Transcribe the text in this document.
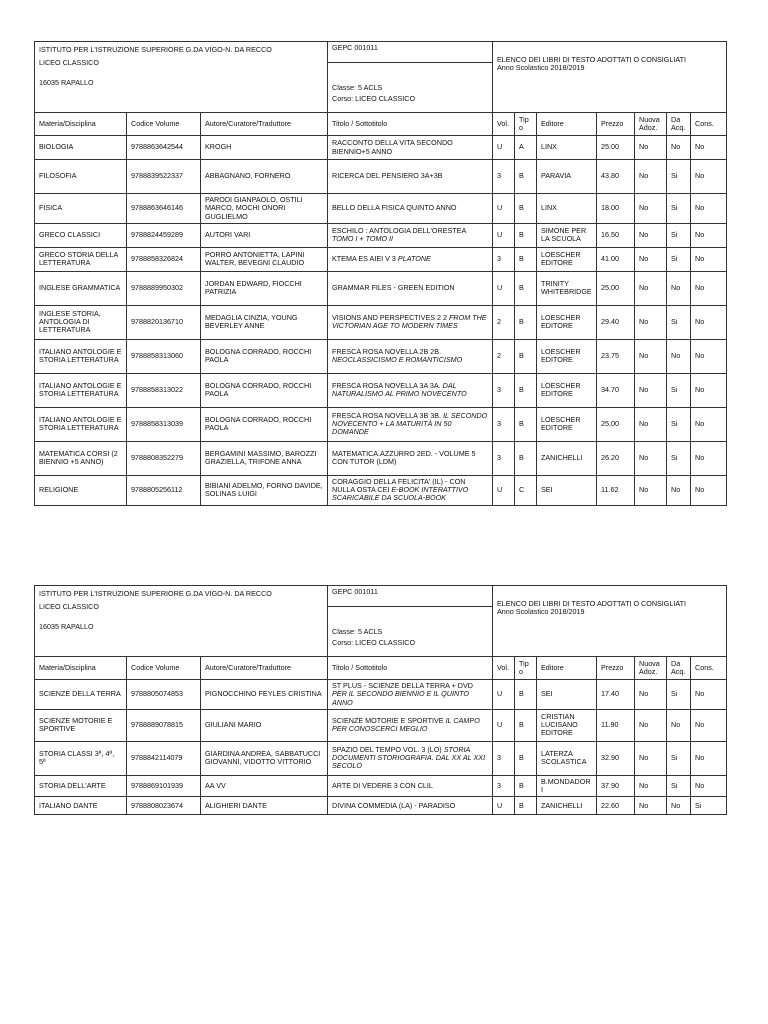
ISTITUTO PER L'ISTRUZIONE SUPERIORE G.DA VIGO-N. DA RECCO
LICEO CLASSICO
16035 RAPALLO			GEPC 001011	ELENCO DEI LIBRI DI TESTO ADOTTATI O CONSIGLIATI
Anno Scolastico 2018/2019						
			Classe: 5 ACLS
Corso: LICEO CLASSICO							
Materia/Disciplina	Codice Volume	Autore/Curatore/Traduttore	Titolo / Sottotitolo	Vol.	Tipo	Editore	Prezzo	Nuova Adoz.	Da Acq.	Cons.
BIOLOGIA	9788863642544	KROGH	RACCONTO DELLA VITA SECONDO BIENNIO+5 ANNO	U	A	LINX	25.00	No	No	No
FILOSOFIA	9788839522337	ABBAGNANO, FORNERO	RICERCA DEL PENSIERO 3A+3B	3	B	PARAVIA	43.80	No	Si	No
FISICA	9788863646146	PARODI GIANPAOLO, OSTILI MARCO, MOCHI ONORI GUGLIELMO	BELLO DELLA FISICA QUINTO ANNO	U	B	LINX	18.00	No	Si	No
GRECO CLASSICI	9788824459289	AUTORI VARI	ESCHILO : ANTOLOGIA DELL'ORESTEA TOMO I + TOMO II	U	B	SIMONE PER LA SCUOLA	16.50	No	Si	No
GRECO STORIA DELLA LETTERATURA	9788858326824	PORRO ANTONIETTA, LAPINI WALTER, BEVEGNI CLAUDIO	KTEMA ES AIEI V 3 PLATONE	3	B	LOESCHER EDITORE	41.00	No	Si	No
INGLESE GRAMMATICA	9788889950302	JORDAN EDWARD, FIOCCHI PATRIZIA	GRAMMAR FILES - GREEN EDITION	U	B	TRINITY WHITEBRIDGE	25.00	No	No	No
INGLESE STORIA, ANTOLOGIA DI LETTERATURA	9788820136710	MEDAGLIA CINZIA, YOUNG BEVERLEY ANNE	VISIONS AND PERSPECTIVES 2 2 FROM THE VICTORIAN AGE TO MODERN TIMES	2	B	LOESCHER EDITORE	29.40	No	Si	No
ITALIANO ANTOLOGIE E STORIA LETTERATURA	9788858313060	BOLOGNA CORRADO, ROCCHI PAOLA	FRESCA ROSA NOVELLA 2B 2B. NEOCLASSICISMO E ROMANTICISMO	2	B	LOESCHER EDITORE	23.75	No	No	No
ITALIANO ANTOLOGIE E STORIA LETTERATURA	9788858313022	BOLOGNA CORRADO, ROCCHI PAOLA	FRESCA ROSA NOVELLA 3A 3A. DAL NATURALISMO AL PRIMO NOVECENTO	3	B	LOESCHER EDITORE	34.70	No	Si	No
ITALIANO ANTOLOGIE E STORIA LETTERATURA	9788858313039	BOLOGNA CORRADO, ROCCHI PAOLA	FRESCA ROSA NOVELLA 3B 3B. IL SECONDO NOVECENTO + LA MATURITÀ IN 50 DOMANDE	3	B	LOESCHER EDITORE	25.00	No	Si	No
MATEMATICA CORSI (2 BIENNIO +5 ANNO)	9788808352279	BERGAMINI MASSIMO, BAROZZI GRAZIELLA, TRIFONE ANNA	MATEMATICA.AZZURRO 2ED. - VOLUME 5 CON TUTOR (LDM)	3	B	ZANICHELLI	26.20	No	Si	No
RELIGIONE	9788805256112	BIBIANI ADELMO, FORNO DAVIDE, SOLINAS LUIGI	CORAGGIO DELLA FELICITA' (IL) - CON NULLA OSTA CEI E-BOOK INTERATTIVO SCARICABILE DA SCUOLA-BOOK	U	C	SEI	11.62	No	No	No
ISTITUTO PER L'ISTRUZIONE SUPERIORE G.DA VIGO-N. DA RECCO
LICEO CLASSICO
16035 RAPALLO			GEPC 001011	ELENCO DEI LIBRI DI TESTO ADOTTATI O CONSIGLIATI
Anno Scolastico 2018/2019						
			Classe: 5 ACLS
Corso: LICEO CLASSICO							
Materia/Disciplina	Codice Volume	Autore/Curatore/Traduttore	Titolo / Sottotitolo	Vol.	Tipo	Editore	Prezzo	Nuova Adoz.	Da Acq.	Cons.
SCIENZE DELLA TERRA	9788805074853	PIGNOCCHINO FEYLES CRISTINA	ST PLUS - SCIENZE DELLA TERRA + DVD PER IL SECONDO BIENNIO E IL QUINTO ANNO	U	B	SEI	17.40	No	Si	No
SCIENZE MOTORIE E SPORTIVE	9788889078815	GIULIANI MARIO	SCIENZE MOTORIE E SPORTIVE IL CAMPO PER CONOSCERCI MEGLIO	U	B	CRISTIAN LUCISANO EDITORE	11.90	No	No	No
STORIA CLASSI 3ª, 4ª, 5ª	9788842114079	GIARDINA ANDREA, SABBATUCCI GIOVANNI, VIDOTTO VITTORIO	SPAZIO DEL TEMPO VOL. 3 (LO) STORIA DOCUMENTI STORIOGRAFIA. DAL XX AL XXI SECOLO	3	B	LATERZA SCOLASTICA	32.90	No	Si	No
STORIA DELL'ARTE	9788869101939	AA VV	ARTE DI VEDERE 3 CON CLIL	3	B	B.MONDADORI	37.90	No	Si	No
ITALIANO DANTE	9788808023674	ALIGHIERI DANTE	DIVINA COMMEDIA (LA) - PARADISO	U	B	ZANICHELLI	22.60	No	No	Si
